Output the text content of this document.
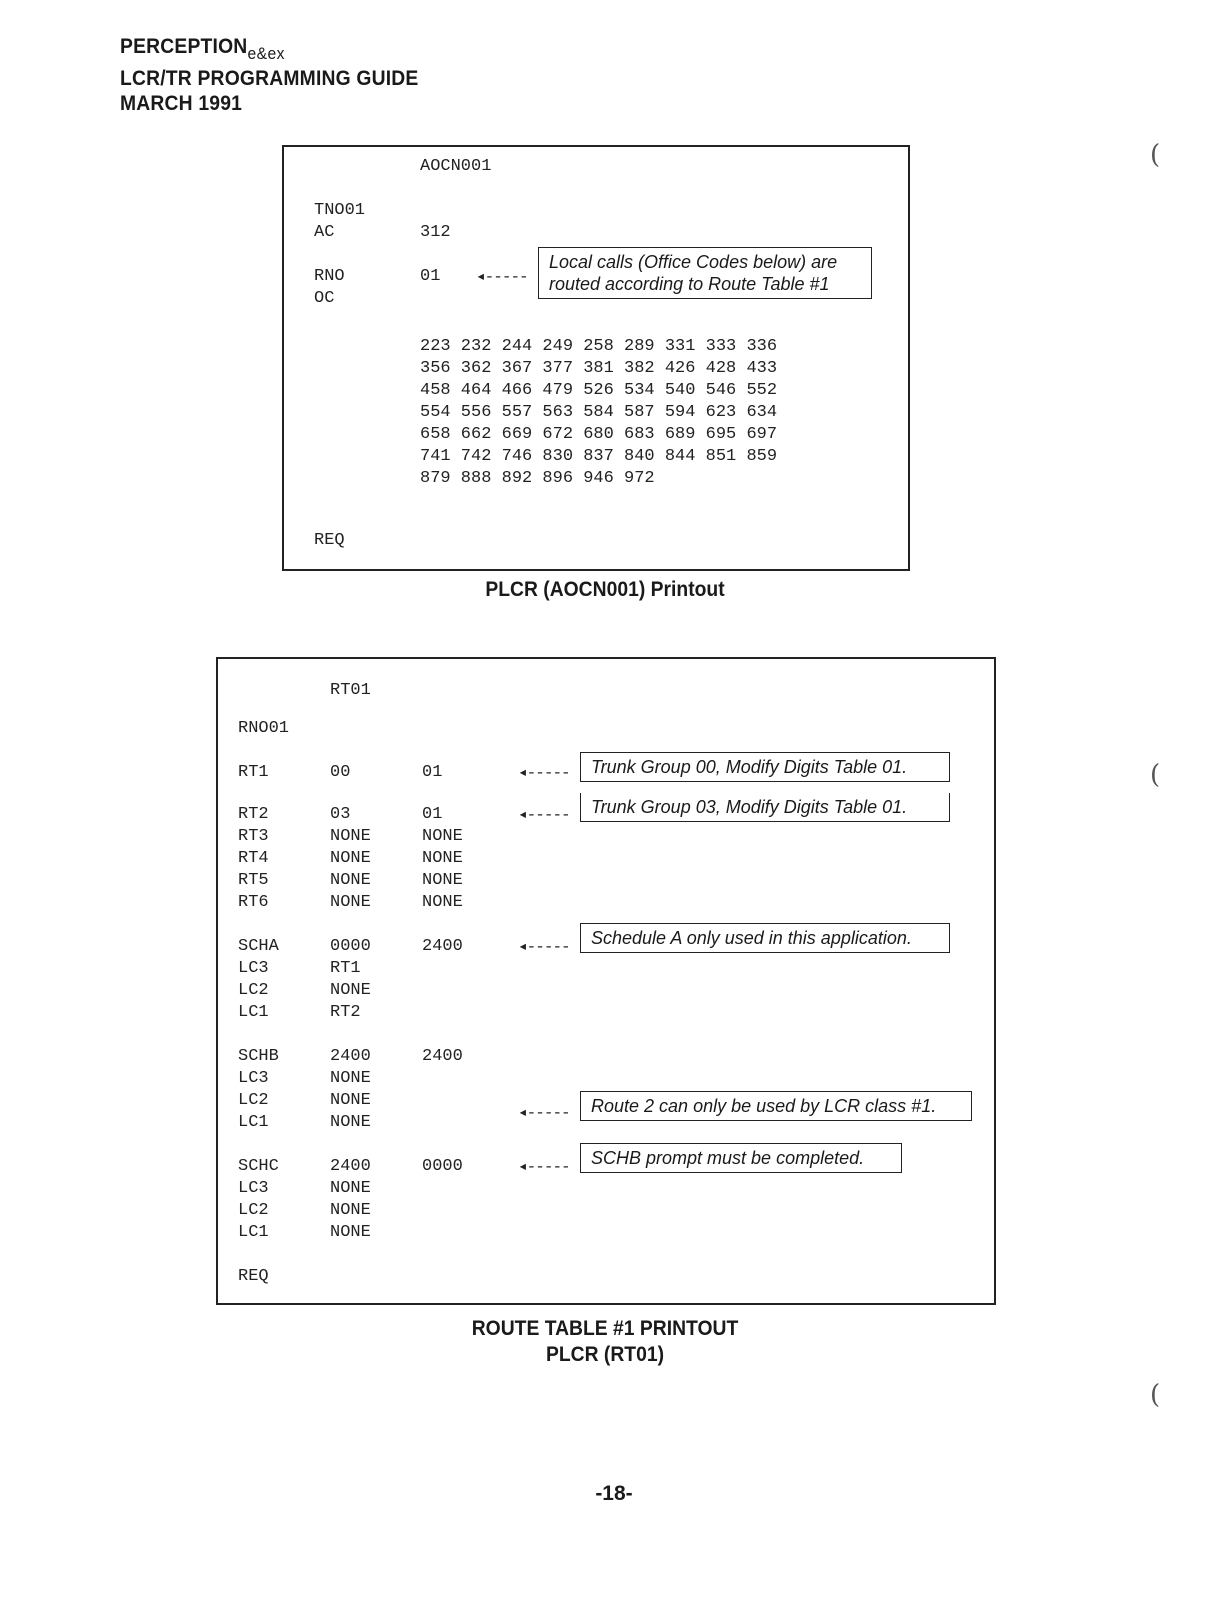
$PERCEPTION_{e\&ex}$
LCR/TR PROGRAMMING GUIDE
MARCH 1991
AOCN001
TNO01
AC	312
RNO	01
OC
223 232 244 249 258 289 331 333 336
356 362 367 377 381 382 426 428 433
458 464 466 479 526 534 540 546 552
554 556 557 563 584 587 594 623 634
658 662 669 672 680 683 689 695 697
741 742 746 830 837 840 844 851 859
879 888 892 896 946 972
REQ
◂-----
Local calls (Office Codes below) are
routed according to Route Table #1
PLCR (AOCN001) Printout
RT01
RNO01
RT1	00	01
RT2	03	01
RT3	NONE	NONE
RT4	NONE	NONE
RT5	NONE	NONE
RT6	NONE	NONE
SCHA	0000	2400
LC3	RT1
LC2	NONE
LC1	RT2
SCHB	2400	2400
LC3	NONE
LC2	NONE
LC1	NONE
SCHC	2400	0000
LC3	NONE
LC2	NONE
LC1	NONE
REQ
◂-----	Trunk Group 00, Modify Digits Table 01.
◂-----	Trunk Group 03, Modify Digits Table 01.
◂-----	Schedule A only used in this application.
◂-----	Route 2 can only be used by LCR class #1.
◂-----	SCHB prompt must be completed.
ROUTE TABLE #1 PRINTOUT
PLCR (RT01)
(
(
(
-18-
